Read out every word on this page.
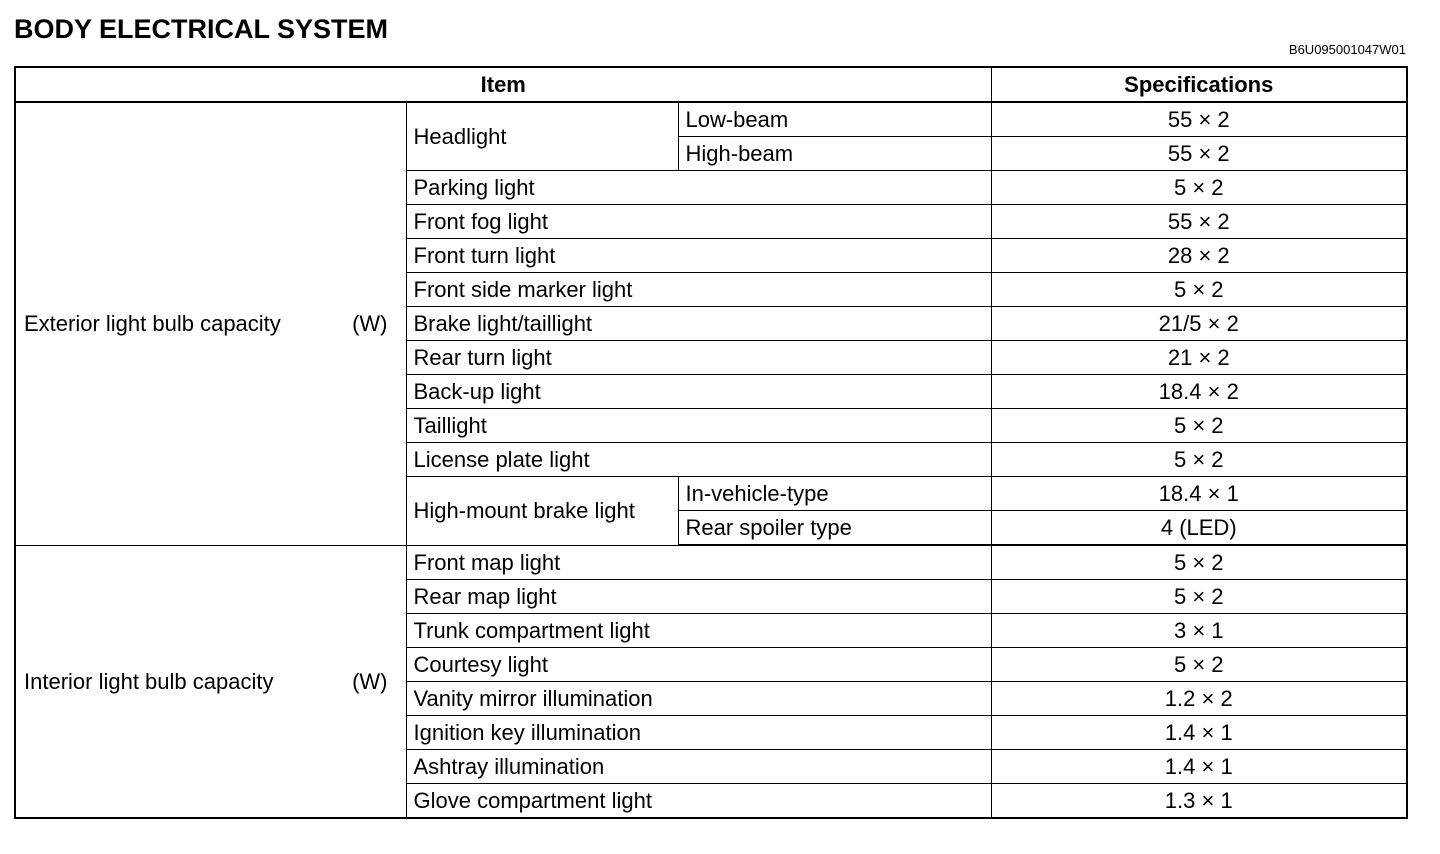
BODY ELECTRICAL SYSTEM
B6U095001047W01
Item			Specifications

Exterior light bulb capacity (W)	Headlight	Low-beam	55 × 2
		High-beam	55 × 2
	Parking light		5 × 2
	Front fog light		55 × 2
	Front turn light		28 × 2
	Front side marker light		5 × 2
	Brake light/taillight		21/5 × 2
	Rear turn light		21 × 2
	Back-up light		18.4 × 2
	Taillight		5 × 2
	License plate light		5 × 2
	High-mount brake light	In-vehicle-type	18.4 × 1
		Rear spoiler type	4 (LED)

Interior light bulb capacity (W)	Front map light		5 × 2
	Rear map light		5 × 2
	Trunk compartment light		3 × 1
	Courtesy light		5 × 2
	Vanity mirror illumination		1.2 × 2
	Ignition key illumination		1.4 × 1
	Ashtray illumination		1.4 × 1
	Glove compartment light		1.3 × 1
